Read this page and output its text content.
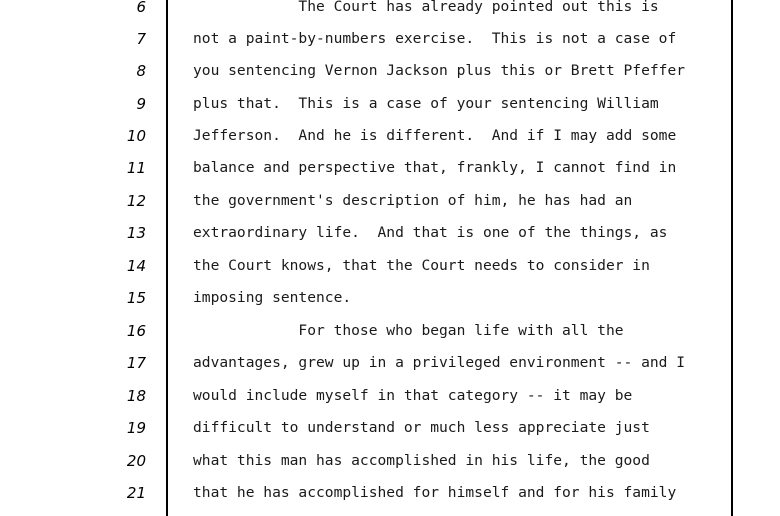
6	The Court has already pointed out this is
7	not a paint-by-numbers exercise.  This is not a case of
8	you sentencing Vernon Jackson plus this or Brett Pfeffer
9	plus that.  This is a case of your sentencing William
10	Jefferson.  And he is different.  And if I may add some
11	balance and perspective that, frankly, I cannot find in
12	the government's description of him, he has had an
13	extraordinary life.  And that is one of the things, as
14	the Court knows, that the Court needs to consider in
15	imposing sentence.
16	For those who began life with all the
17	advantages, grew up in a privileged environment -- and I
18	would include myself in that category -- it may be
19	difficult to understand or much less appreciate just
20	what this man has accomplished in his life, the good
21	that he has accomplished for himself and for his family
